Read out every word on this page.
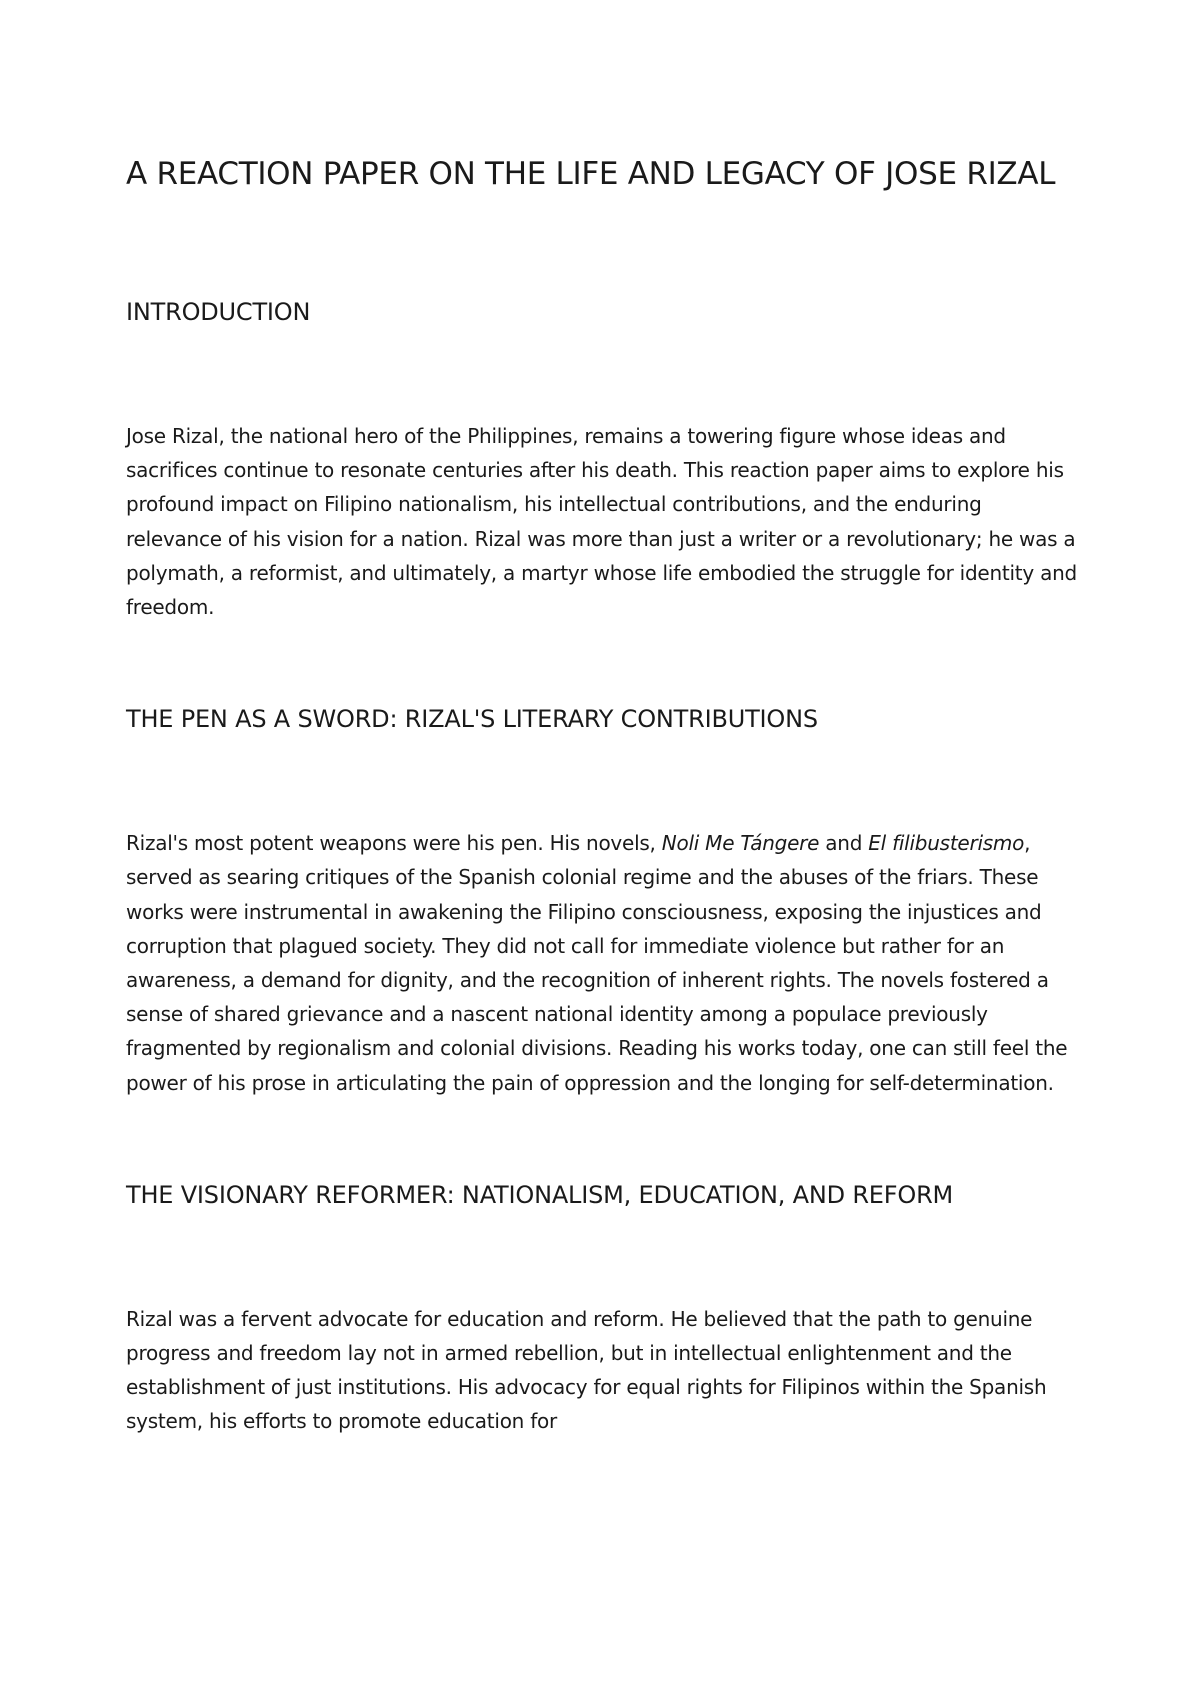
A REACTION PAPER ON THE LIFE AND LEGACY OF JOSE RIZAL
INTRODUCTION

Jose Rizal, the national hero of the Philippines, remains a towering figure whose ideas and sacrifices continue to resonate centuries after his death. This reaction paper aims to explore his profound impact on Filipino nationalism, his intellectual contributions, and the enduring relevance of his vision for a nation. Rizal was more than just a writer or a revolutionary; he was a polymath, a reformist, and ultimately, a martyr whose life embodied the struggle for identity and freedom.

THE PEN AS A SWORD: RIZAL'S LITERARY CONTRIBUTIONS

Rizal's most potent weapons were his pen. His novels, Noli Me Tángere and El filibusterismo, served as searing critiques of the Spanish colonial regime and the abuses of the friars. These works were instrumental in awakening the Filipino consciousness, exposing the injustices and corruption that plagued society. They did not call for immediate violence but rather for an awareness, a demand for dignity, and the recognition of inherent rights. The novels fostered a sense of shared grievance and a nascent national identity among a populace previously fragmented by regionalism and colonial divisions. Reading his works today, one can still feel the power of his prose in articulating the pain of oppression and the longing for self-determination.

THE VISIONARY REFORMER: NATIONALISM, EDUCATION, AND REFORM

Rizal was a fervent advocate for education and reform. He believed that the path to genuine progress and freedom lay not in armed rebellion, but in intellectual enlightenment and the establishment of just institutions. His advocacy for equal rights for Filipinos within the Spanish system, his efforts to promote education for
